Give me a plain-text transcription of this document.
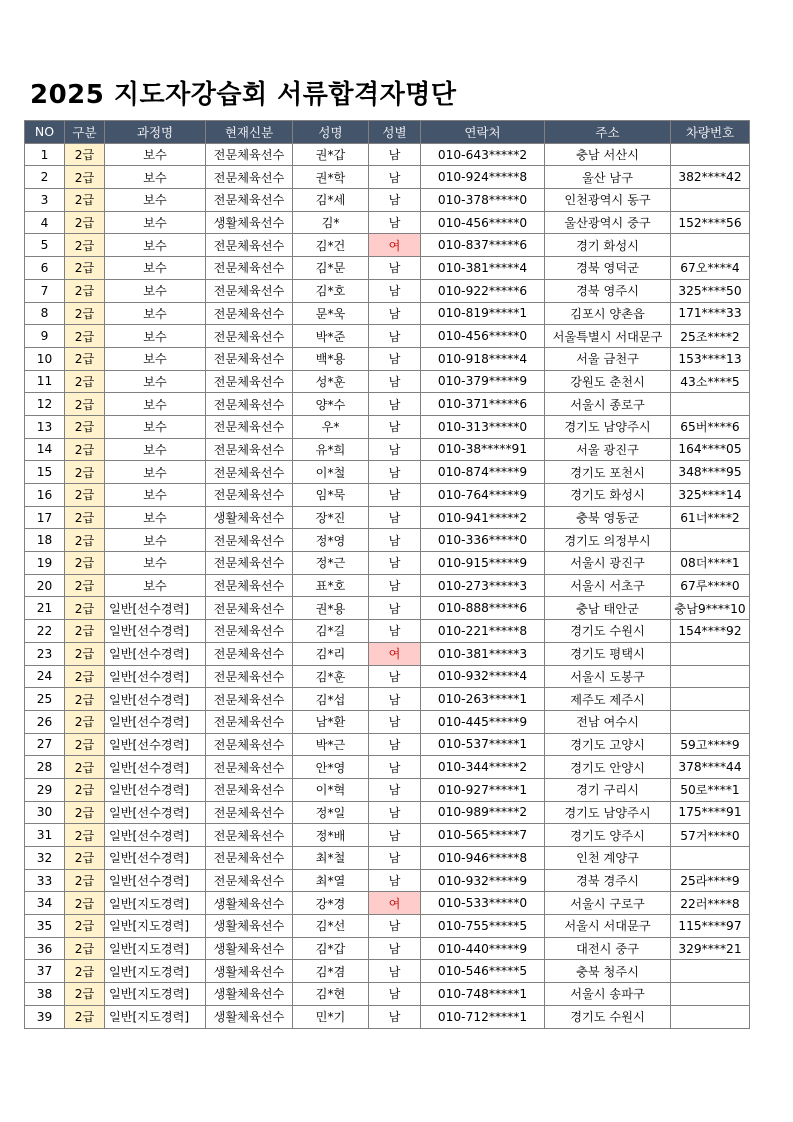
2025 지도자강습회 서류합격자명단
NO	구분	과정명	현재신분	성명	성별	연락처	주소	차량번호
1	2급	보수	전문체육선수	권*갑	남	010-643*****2	충남 서산시	
2	2급	보수	전문체육선수	권*학	남	010-924*****8	울산 남구	382****42
3	2급	보수	전문체육선수	김*세	남	010-378*****0	인천광역시 동구	
4	2급	보수	생활체육선수	김*	남	010-456*****0	울산광역시 중구	152****56
5	2급	보수	전문체육선수	김*건	여	010-837*****6	경기 화성시	
6	2급	보수	전문체육선수	김*문	남	010-381*****4	경북 영덕군	67오****4
7	2급	보수	전문체육선수	김*호	남	010-922*****6	경북 영주시	325****50
8	2급	보수	전문체육선수	문*욱	남	010-819*****1	김포시 양촌읍	171****33
9	2급	보수	전문체육선수	박*준	남	010-456*****0	서울특별시 서대문구	25조****2
10	2급	보수	전문체육선수	백*용	남	010-918*****4	서울 금천구	153****13
11	2급	보수	전문체육선수	성*훈	남	010-379*****9	강원도 춘천시	43소****5
12	2급	보수	전문체육선수	양*수	남	010-371*****6	서울시 종로구	
13	2급	보수	전문체육선수	우*	남	010-313*****0	경기도 남양주시	65버****6
14	2급	보수	전문체육선수	유*희	남	010-38*****91	서울 광진구	164****05
15	2급	보수	전문체육선수	이*철	남	010-874*****9	경기도 포천시	348****95
16	2급	보수	전문체육선수	임*묵	남	010-764*****9	경기도 화성시	325****14
17	2급	보수	생활체육선수	장*진	남	010-941*****2	충북 영동군	61너****2
18	2급	보수	전문체육선수	정*영	남	010-336*****0	경기도 의정부시	
19	2급	보수	전문체육선수	정*근	남	010-915*****9	서울시 광진구	08더****1
20	2급	보수	전문체육선수	표*호	남	010-273*****3	서울시 서초구	67루****0
21	2급	일반[선수경력]	전문체육선수	권*용	남	010-888*****6	충남 태안군	충남9****10
22	2급	일반[선수경력]	전문체육선수	김*길	남	010-221*****8	경기도 수원시	154****92
23	2급	일반[선수경력]	전문체육선수	김*리	여	010-381*****3	경기도 평택시	
24	2급	일반[선수경력]	전문체육선수	김*훈	남	010-932*****4	서울시 도봉구	
25	2급	일반[선수경력]	전문체육선수	김*섭	남	010-263*****1	제주도 제주시	
26	2급	일반[선수경력]	전문체육선수	남*환	남	010-445*****9	전남 여수시	
27	2급	일반[선수경력]	전문체육선수	박*근	남	010-537*****1	경기도 고양시	59고****9
28	2급	일반[선수경력]	전문체육선수	안*영	남	010-344*****2	경기도 안양시	378****44
29	2급	일반[선수경력]	전문체육선수	이*혁	남	010-927*****1	경기 구리시	50로****1
30	2급	일반[선수경력]	전문체육선수	정*일	남	010-989*****2	경기도 남양주시	175****91
31	2급	일반[선수경력]	전문체육선수	정*배	남	010-565*****7	경기도 양주시	57거****0
32	2급	일반[선수경력]	전문체육선수	최*철	남	010-946*****8	인천 계양구	
33	2급	일반[선수경력]	전문체육선수	최*열	남	010-932*****9	경북 경주시	25라****9
34	2급	일반[지도경력]	생활체육선수	강*경	여	010-533*****0	서울시 구로구	22러****8
35	2급	일반[지도경력]	생활체육선수	김*선	남	010-755*****5	서울시 서대문구	115****97
36	2급	일반[지도경력]	생활체육선수	김*갑	남	010-440*****9	대전시 중구	329****21
37	2급	일반[지도경력]	생활체육선수	김*겸	남	010-546*****5	충북 청주시	
38	2급	일반[지도경력]	생활체육선수	김*현	남	010-748*****1	서울시 송파구	
39	2급	일반[지도경력]	생활체육선수	민*기	남	010-712*****1	경기도 수원시	
